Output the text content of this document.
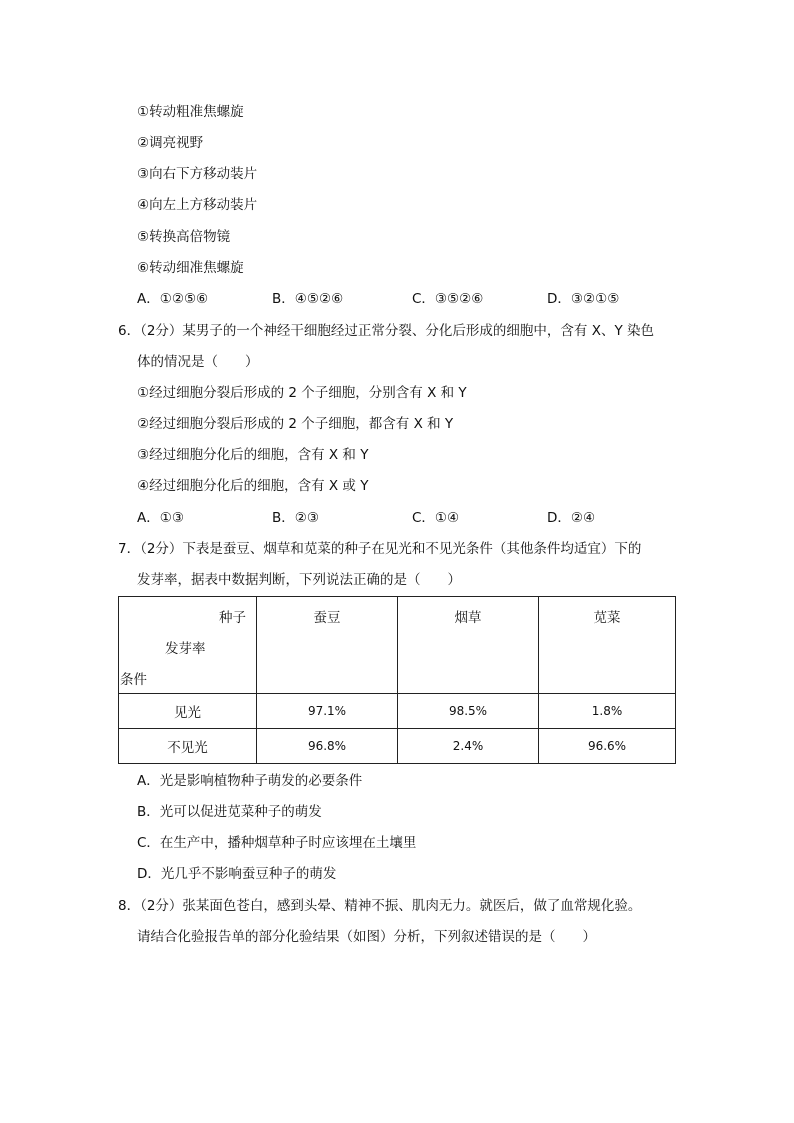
①转动粗准焦螺旋
②调亮视野
③向右下方移动装片
④向左上方移动装片
⑤转换高倍物镜
⑥转动细准焦螺旋
A．①②⑤⑥	B．④⑤②⑥	C．③⑤②⑥	D．③②①⑤
6．（2分）某男子的一个神经干细胞经过正常分裂、分化后形成的细胞中，含有 X、Y 染色
体的情况是（　　）
①经过细胞分裂后形成的 2 个子细胞，分别含有 X 和 Y
②经过细胞分裂后形成的 2 个子细胞，都含有 X 和 Y
③经过细胞分化后的细胞，含有 X 和 Y
④经过细胞分化后的细胞，含有 X 或 Y
A．①③	B．②③	C．①④	D．②④
7．（2分）下表是蚕豆、烟草和苋菜的种子在见光和不见光条件（其他条件均适宜）下的
发芽率，据表中数据判断，下列说法正确的是（　　）
种子
发芽率
条件	蚕豆	烟草	苋菜

见光	97.1%	98.5%	1.8%
不见光	96.8%	2.4%	96.6%
A．光是影响植物种子萌发的必要条件
B．光可以促进苋菜种子的萌发
C．在生产中，播种烟草种子时应该埋在土壤里
D．光几乎不影响蚕豆种子的萌发
8．（2分）张某面色苍白，感到头晕、精神不振、肌肉无力。就医后，做了血常规化验。
请结合化验报告单的部分化验结果（如图）分析，下列叙述错误的是（　　）
